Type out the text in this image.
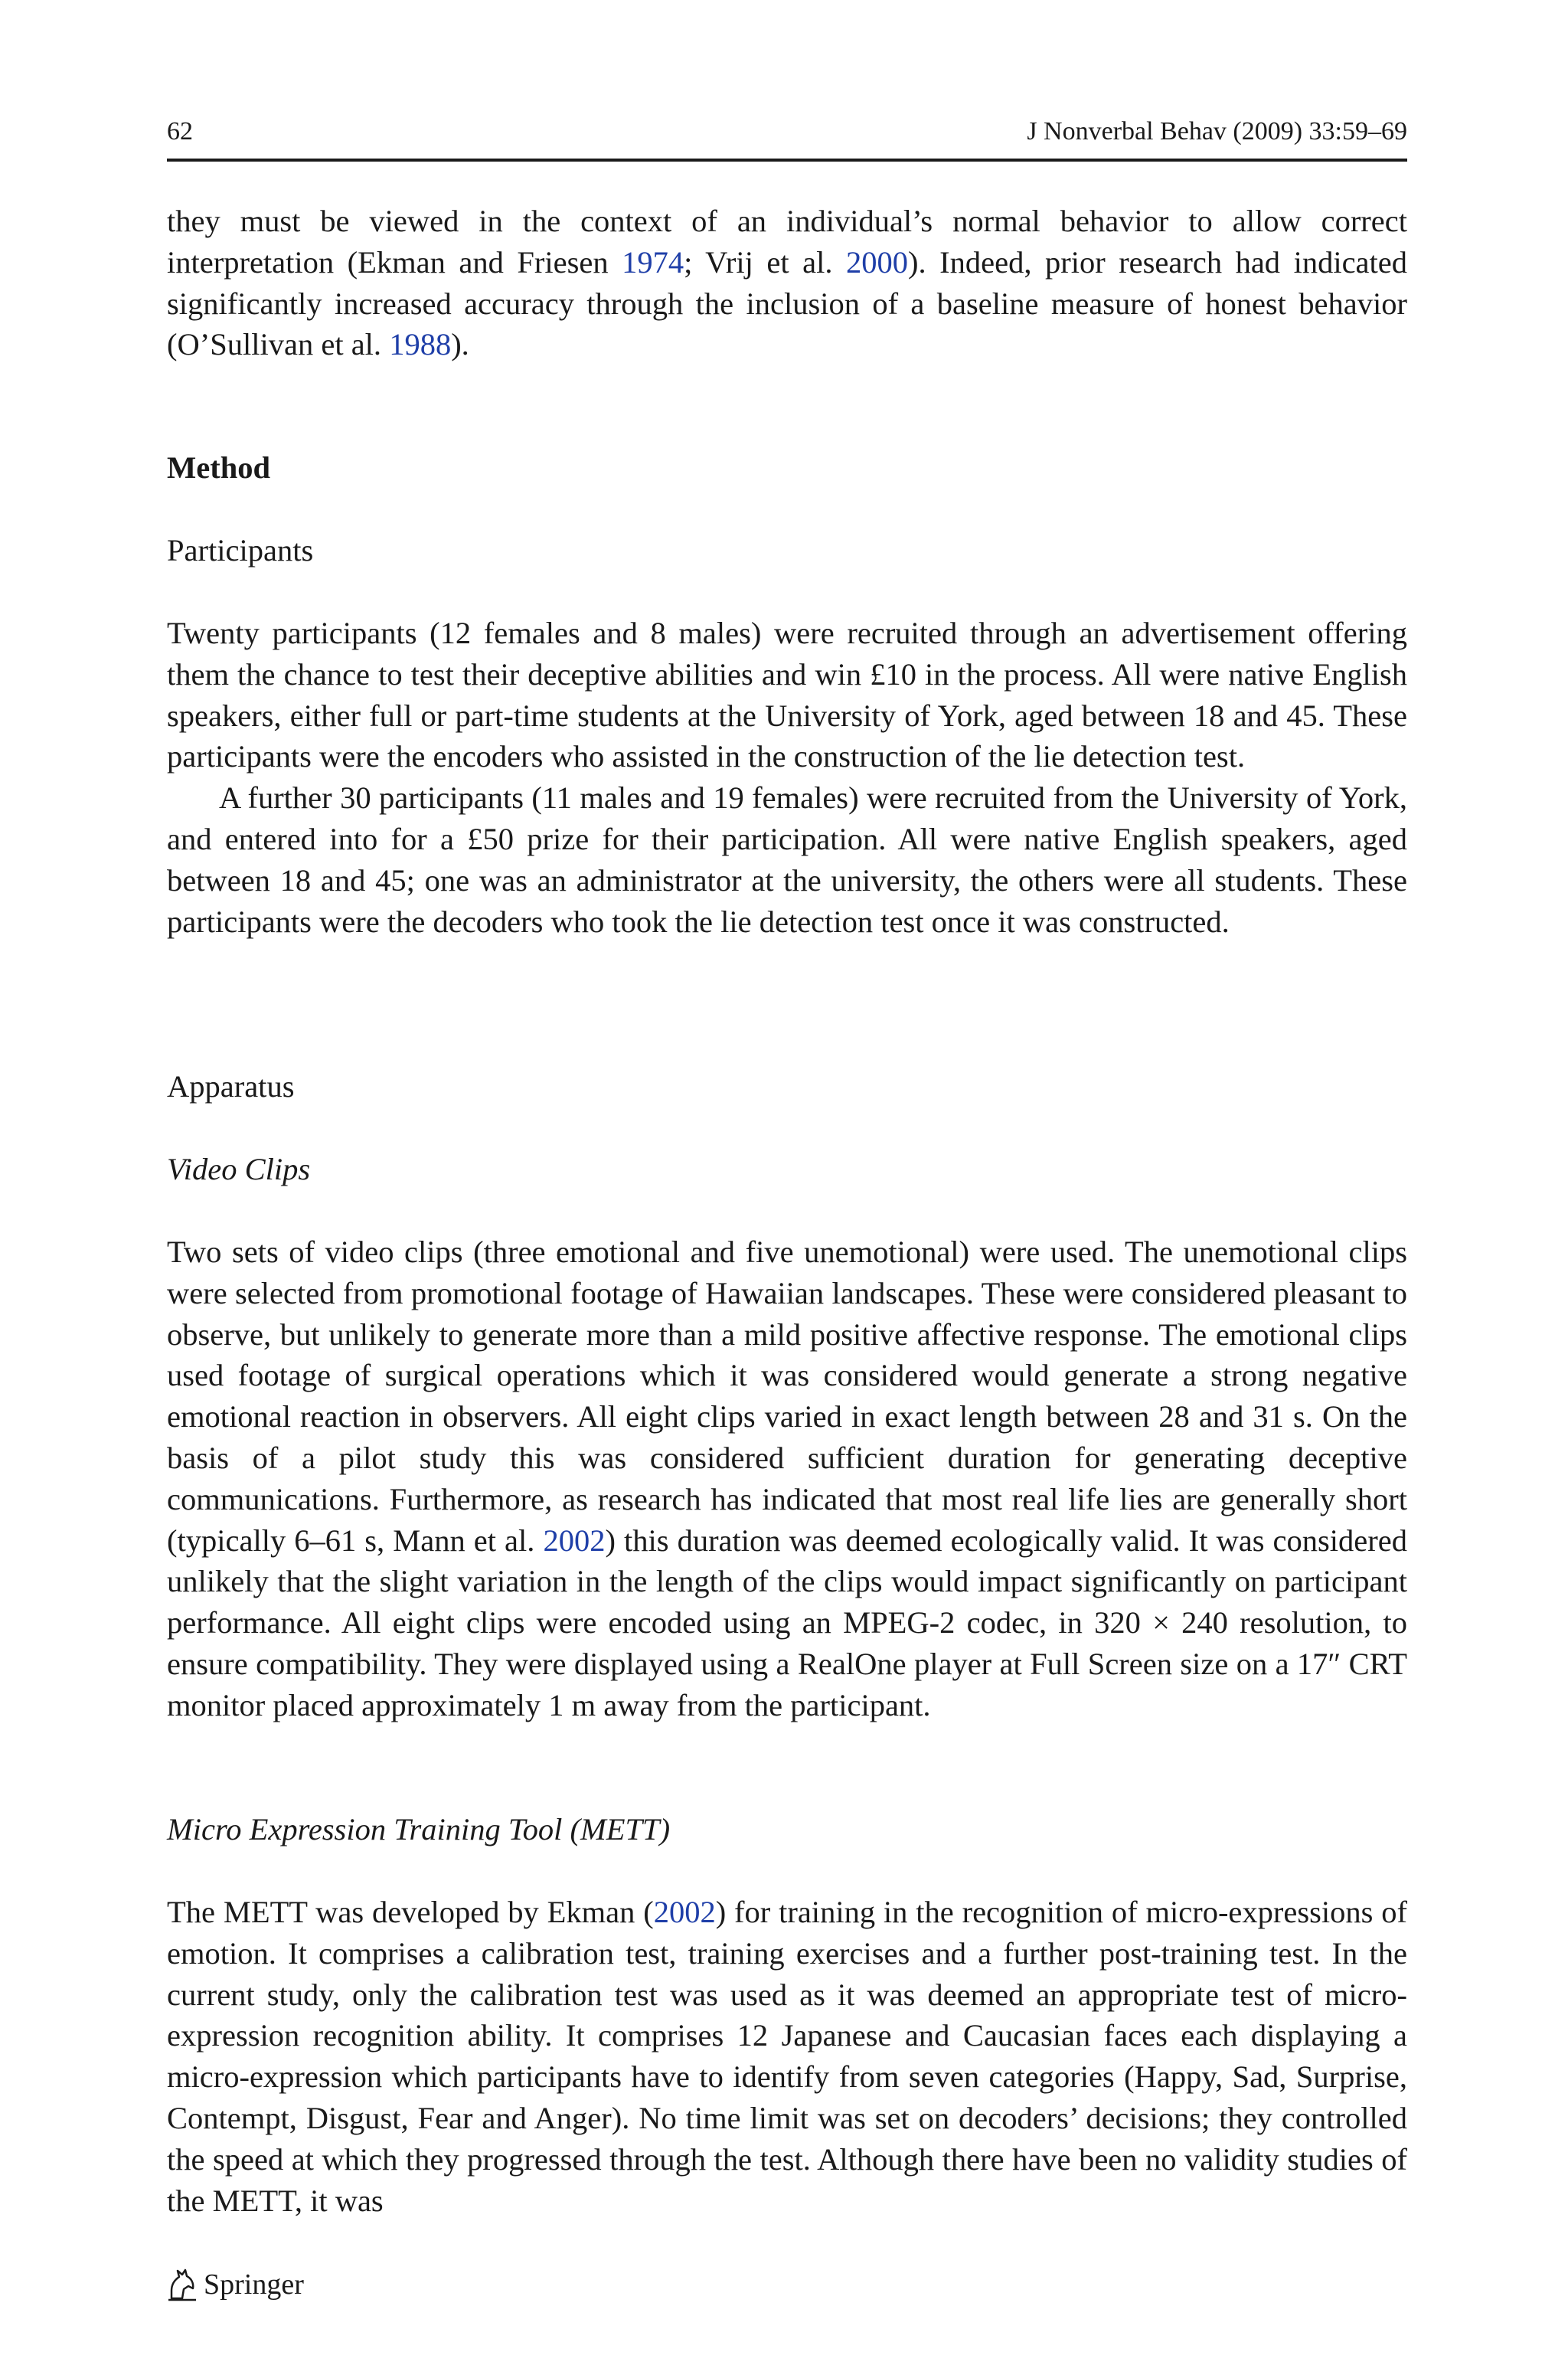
62	J Nonverbal Behav (2009) 33:59–69

they must be viewed in the context of an individual’s normal behavior to allow correct interpretation (Ekman and Friesen 1974; Vrij et al. 2000). Indeed, prior research had indicated significantly increased accuracy through the inclusion of a baseline measure of honest behavior (O’Sullivan et al. 1988).

Method
Participants

Twenty participants (12 females and 8 males) were recruited through an advertisement offering them the chance to test their deceptive abilities and win £10 in the process. All were native English speakers, either full or part-time students at the University of York, aged between 18 and 45. These participants were the encoders who assisted in the construction of the lie detection test.

A further 30 participants (11 males and 19 females) were recruited from the University of York, and entered into for a £50 prize for their participation. All were native English speakers, aged between 18 and 45; one was an administrator at the university, the others were all students. These participants were the decoders who took the lie detection test once it was constructed.

Apparatus
Video Clips

Two sets of video clips (three emotional and five unemotional) were used. The unemotional clips were selected from promotional footage of Hawaiian landscapes. These were considered pleasant to observe, but unlikely to generate more than a mild positive affective response. The emotional clips used footage of surgical operations which it was considered would generate a strong negative emotional reaction in observers. All eight clips varied in exact length between 28 and 31 s. On the basis of a pilot study this was considered sufficient duration for generating deceptive communications. Furthermore, as research has indicated that most real life lies are generally short (typically 6–61 s, Mann et al. 2002) this duration was deemed ecologically valid. It was considered unlikely that the slight variation in the length of the clips would impact significantly on participant performance. All eight clips were encoded using an MPEG-2 codec, in 320 × 240 resolution, to ensure compatibility. They were displayed using a RealOne player at Full Screen size on a 17″ CRT monitor placed approximately 1 m away from the participant.

Micro Expression Training Tool (METT)

The METT was developed by Ekman (2002) for training in the recognition of micro-expressions of emotion. It comprises a calibration test, training exercises and a further post-training test. In the current study, only the calibration test was used as it was deemed an appropriate test of micro-expression recognition ability. It comprises 12 Japanese and Caucasian faces each displaying a micro-expression which participants have to identify from seven categories (Happy, Sad, Surprise, Contempt, Disgust, Fear and Anger). No time limit was set on decoders’ decisions; they controlled the speed at which they progressed through the test. Although there have been no validity studies of the METT, it was

Springer
